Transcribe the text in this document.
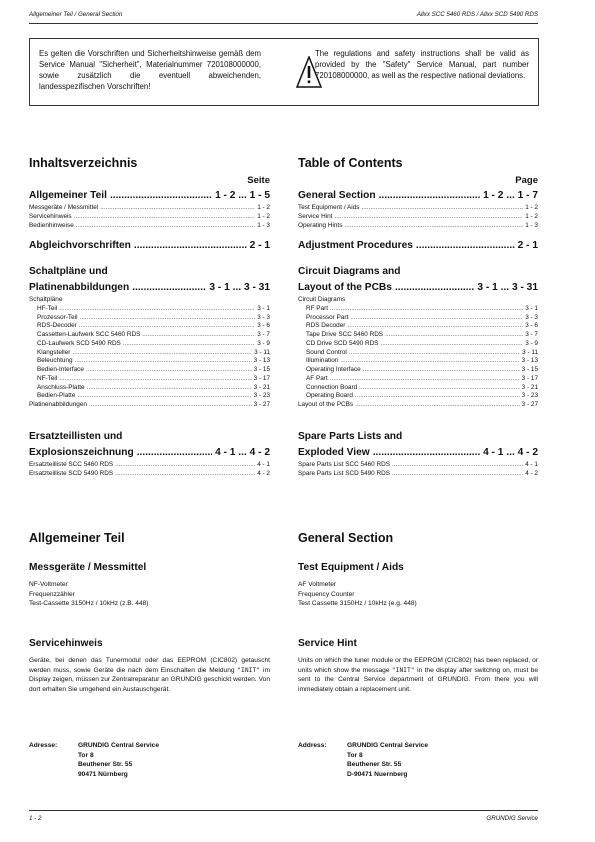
Allgemeiner Teil / General Section	Allxx SCC 5460 RDS / Allxx SCD 5490 RDS
Es gelten die Vorschriften und Sicherheitshinweise gemäß dem Service Manual "Sicherheit", Materialnummer 720108000000, sowie zusätzlich die eventuell abweichenden, landesspezifischen Vorschriften!
The regulations and safety instructions shall be valid as provided by the "Safety" Service Manual, part number 720108000000, as well as the respective national deviations.
Inhaltsverzeichnis
Seite
Allgemeiner Teil .....	1 - 2 ... 1 - 5
Messgeräte / Messmittel .....	1 - 2
Servicehinweis .....	1 - 2
Bedienhinweise .....	1 - 3
Abgleichvorschriften .....	2 - 1
Schaltpläne und
Platinenabbildungen .....	3 - 1 ... 3 - 31
Schaltpläne
HF-Teil .....	3 - 1
Prozessor-Teil .....	3 - 3
RDS-Decoder .....	3 - 6
Cassetten-Laufwerk SCC 5460 RDS .....	3 - 7
CD-Laufwerk SCD 5490 RDS .....	3 - 9
Klangsteller .....	3 - 11
Beleuchtung .....	3 - 13
Bedien-Interface .....	3 - 15
NF-Teil .....	3 - 17
Anschluss-Platte .....	3 - 21
Bedien-Platte .....	3 - 23
Platinenabbildungen .....	3 - 27
Ersatzteillisten und
Explosionszeichnung .....	4 - 1 ... 4 - 2
Ersatzteilliste SCC 5460 RDS .....	4 - 1
Ersatzteilliste SCD 5490 RDS .....	4 - 2
Table of Contents
Page
General Section .....	1 - 2 ... 1 - 7
Test Equipment / Aids .....	1 - 2
Service Hint .....	1 - 2
Operating Hints .....	1 - 3
Adjustment Procedures .....	2 - 1
Circuit Diagrams and
Layout of the PCBs .....	3 - 1 ... 3 - 31
Circuit Diagrams
RF Part .....	3 - 1
Processor Part .....	3 - 3
RDS Decoder .....	3 - 6
Tape Drive SCC 5460 RDS .....	3 - 7
CD Drive SCD 5490 RDS .....	3 - 9
Sound Control .....	3 - 11
Illumination .....	3 - 13
Operating Interface .....	3 - 15
AF Part .....	3 - 17
Connection Board .....	3 - 21
Operating Board .....	3 - 23
Layout of the PCBs .....	3 - 27
Spare Parts Lists and
Exploded View .....	4 - 1 ... 4 - 2
Spare Parts List SCC 5460 RDS .....	4 - 1
Spare Parts List SCD 5490 RDS .....	4 - 2
Allgemeiner Teil
Messgeräte / Messmittel
NF-Voltmeter
Frequenzzähler
Test-Cassette 3150Hz / 10kHz (z.B. 448)
Servicehinweis
Geräte, bei denen das Tunermodul oder das EEPROM (CIC802) getauscht werden muss, sowie Geräte die nach dem Einschalten die Meldung "INIT" im Display zeigen, müssen zur Zentralreparatur an GRUNDIG geschickt werden. Von dort erhalten Sie umgehend ein Austauschgerät.
Adresse:	GRUNDIG Central Service
Tor 8
Beuthener Str. 55
90471 Nürnberg
General Section
Test Equipment / Aids
AF Voltmeter
Frequency Counter
Test Cassette 3150Hz / 10kHz (e.g. 448)
Service Hint
Units on which the tuner module or the EEPROM (CIC802) has been replaced, or units which show the message "INIT" in the display after switchng on, must be sent to the Central Service department of GRUNDIG. From there you will immediately obtain a replacement unit.
Address:	GRUNDIG Central Service
Tor 8
Beuthener Str. 55
D-90471 Nuernberg
1 - 2	GRUNDIG Service
